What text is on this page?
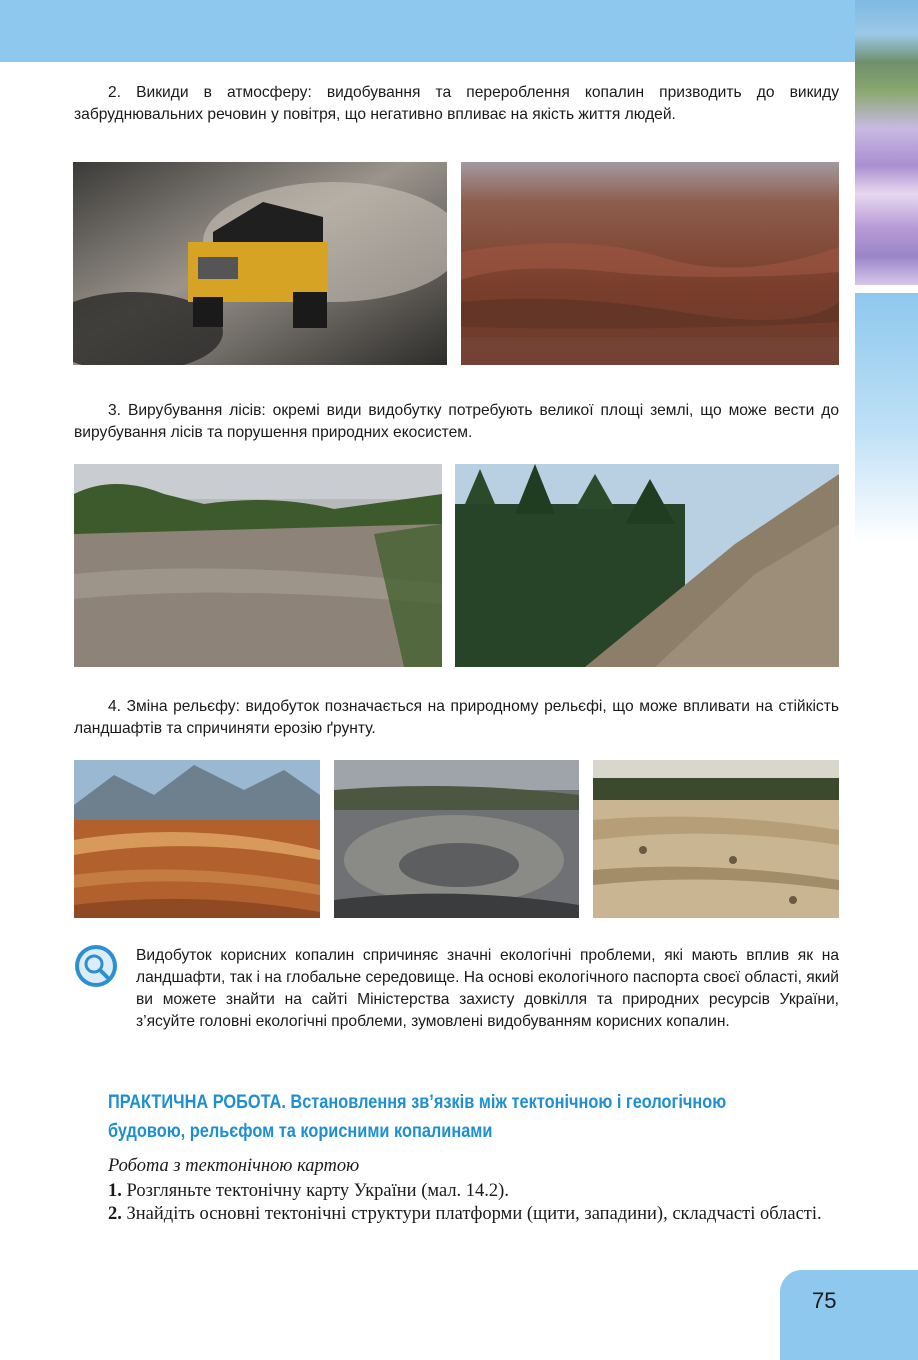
2. Викиди в атмосферу: видобування та перероблення копалин призводить до викиду забруднювальних речовин у повітря, що негативно впливає на якість життя людей.

3. Вирубування лісів: окремі види видобутку потребують великої площі землі, що може вести до вирубування лісів та порушення природних екосистем.

4. Зміна рельєфу: видобуток позначається на природному рельєфі, що може впливати на стійкість ландшафтів та спричиняти ерозію ґрунту.

Видобуток корисних копалин спричиняє значні екологічні проблеми, які мають вплив як на ландшафти, так і на глобальне середовище. На основі екологічного паспорта своєї області, який ви можете знайти на сайті Міністерства захисту довкілля та природних ресурсів України, з’ясуйте головні екологічні проблеми, зумовлені видобуванням корисних копалин.

ПРАКТИЧНА РОБОТА. Встановлення зв’язків між тектонічною і геологічною будовою, рельєфом та корисними копалинами

Робота з тектонічною картою

1. Розгляньте тектонічну карту України (мал. 14.2).

2. Знайдіть основні тектонічні структури платформи (щити, западини), складчасті області.

75
